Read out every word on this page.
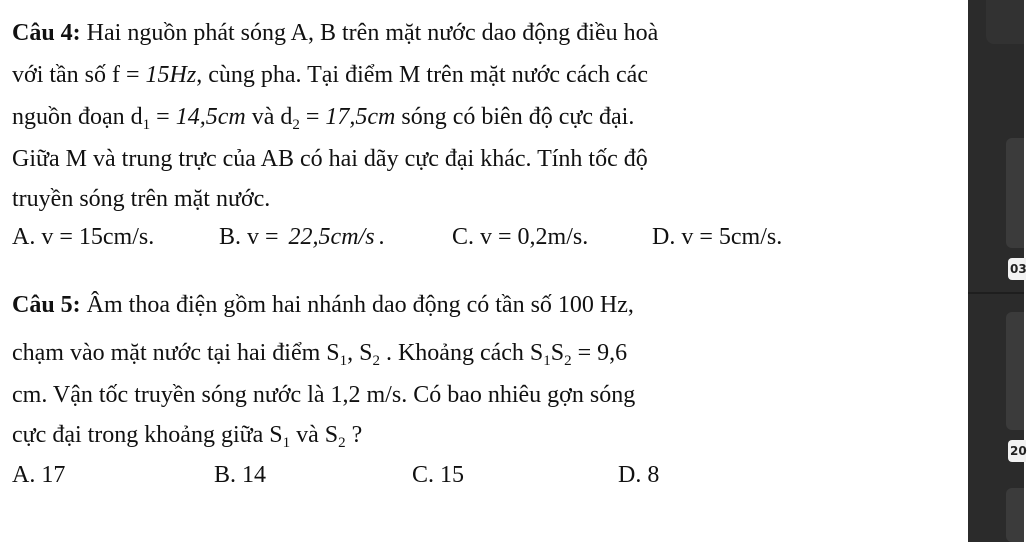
Câu 4: Hai nguồn phát sóng A, B trên mặt nước dao động điều hoà
với tần số f = 15Hz, cùng pha. Tại điểm M trên mặt nước cách các
nguồn đoạn $d_1 = 14,5cm$ và $d_2 = 17,5cm$ sóng có biên độ cực đại.
Giữa M và trung trực của AB có hai dãy cực đại khác. Tính tốc độ
truyền sóng trên mặt nước.
A. v = 15cm/s.	B. v = 22,5cm/s .	C. v = 0,2m/s.	D. v = 5cm/s.
Câu 5: Âm thoa điện gồm hai nhánh dao động có tần số 100 Hz,
chạm vào mặt nước tại hai điểm $S_1$, $S_2$ . Khoảng cách $S_1S_2 = 9,6$
cm. Vận tốc truyền sóng nước là 1,2 m/s. Có bao nhiêu gợn sóng
cực đại trong khoảng giữa $S_1$ và $S_2$ ?
A. 17	B. 14	C. 15	D. 8
03
20
